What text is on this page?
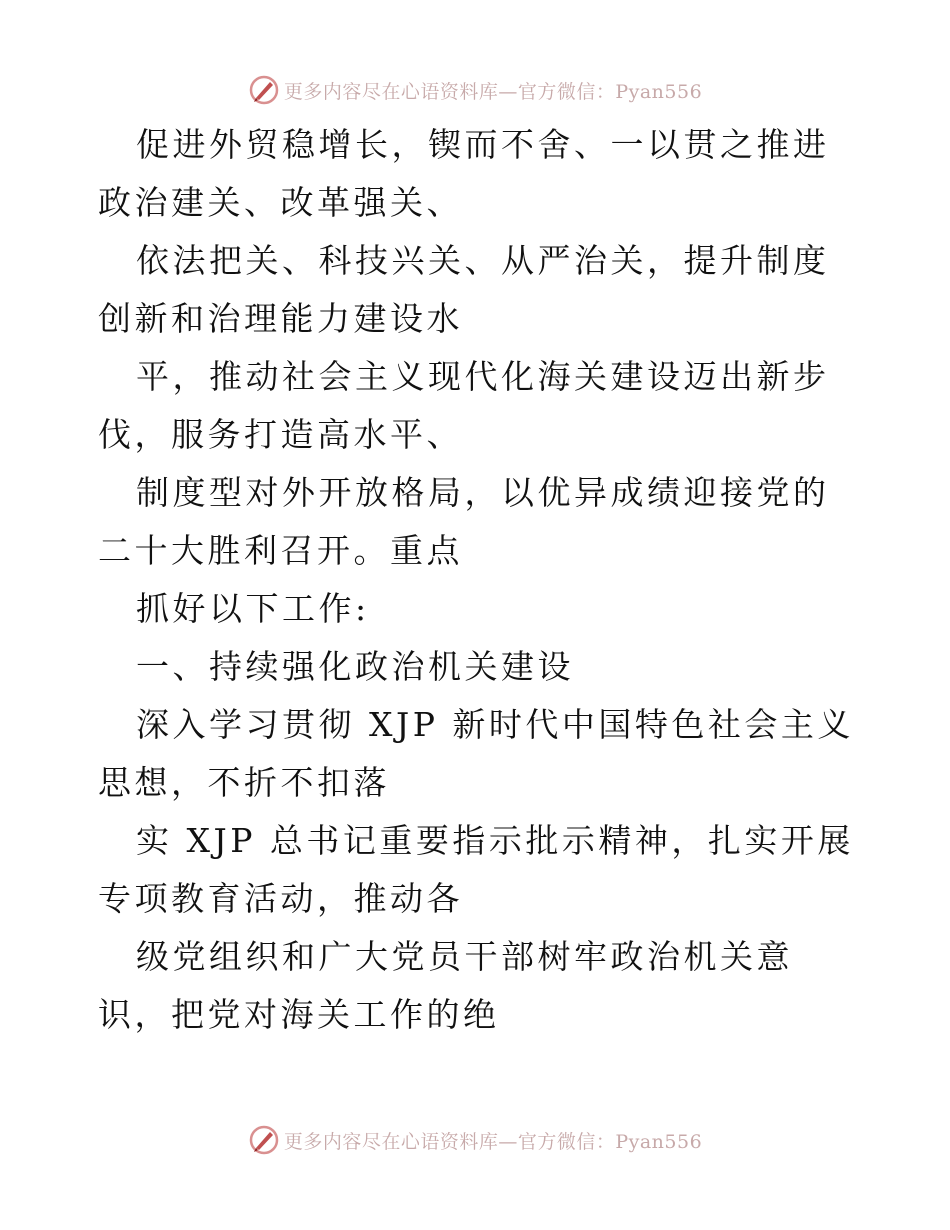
更多内容尽在心语资料库—官方微信：Pyan556

促进外贸稳增长，锲而不舍、一以贯之推进政治建关、改革强关、

依法把关、科技兴关、从严治关，提升制度创新和治理能力建设水

平，推动社会主义现代化海关建设迈出新步伐，服务打造高水平、

制度型对外开放格局，以优异成绩迎接党的二十大胜利召开。重点

抓好以下工作:

一、持续强化政治机关建设

深入学习贯彻 XJP 新时代中国特色社会主义思想，不折不扣落

实 XJP 总书记重要指示批示精神，扎实开展专项教育活动，推动各

级党组织和广大党员干部树牢政治机关意识，把党对海关工作的绝

更多内容尽在心语资料库—官方微信：Pyan556
